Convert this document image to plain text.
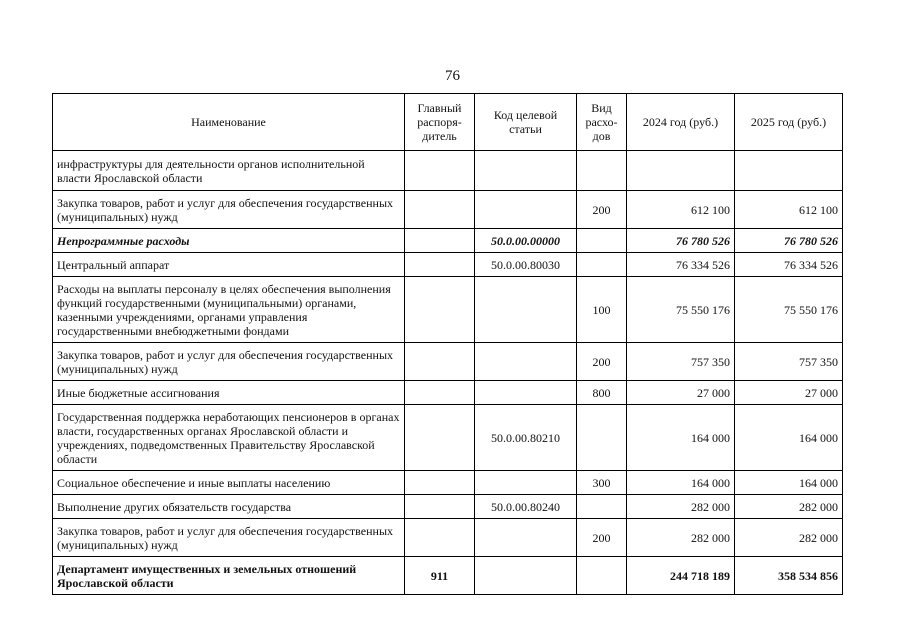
76
Наименование	Главный распоря-дитель	Код целевой статьи	Вид расхо-дов	2024 год (руб.)	2025 год (руб.)
инфраструктуры для деятельности органов исполнительной власти Ярославской области					
Закупка товаров, работ и услуг для обеспечения государственных (муниципальных) нужд			200	612 100	612 100
Непрограммные расходы		50.0.00.00000		76 780 526	76 780 526
Центральный аппарат		50.0.00.80030		76 334 526	76 334 526
Расходы на выплаты персоналу в целях обеспечения выполнения функций государственными (муниципальными) органами, казенными учреждениями, органами управления государственными внебюджетными фондами			100	75 550 176	75 550 176
Закупка товаров, работ и услуг для обеспечения государственных (муниципальных) нужд			200	757 350	757 350
Иные бюджетные ассигнования			800	27 000	27 000
Государственная поддержка неработающих пенсионеров в органах власти, государственных органах Ярославской области и учреждениях, подведомственных Правительству Ярославской области		50.0.00.80210		164 000	164 000
Социальное обеспечение и иные выплаты населению			300	164 000	164 000
Выполнение других обязательств государства		50.0.00.80240		282 000	282 000
Закупка товаров, работ и услуг для обеспечения государственных (муниципальных) нужд			200	282 000	282 000
Департамент имущественных и земельных отношений Ярославской области	911			244 718 189	358 534 856
